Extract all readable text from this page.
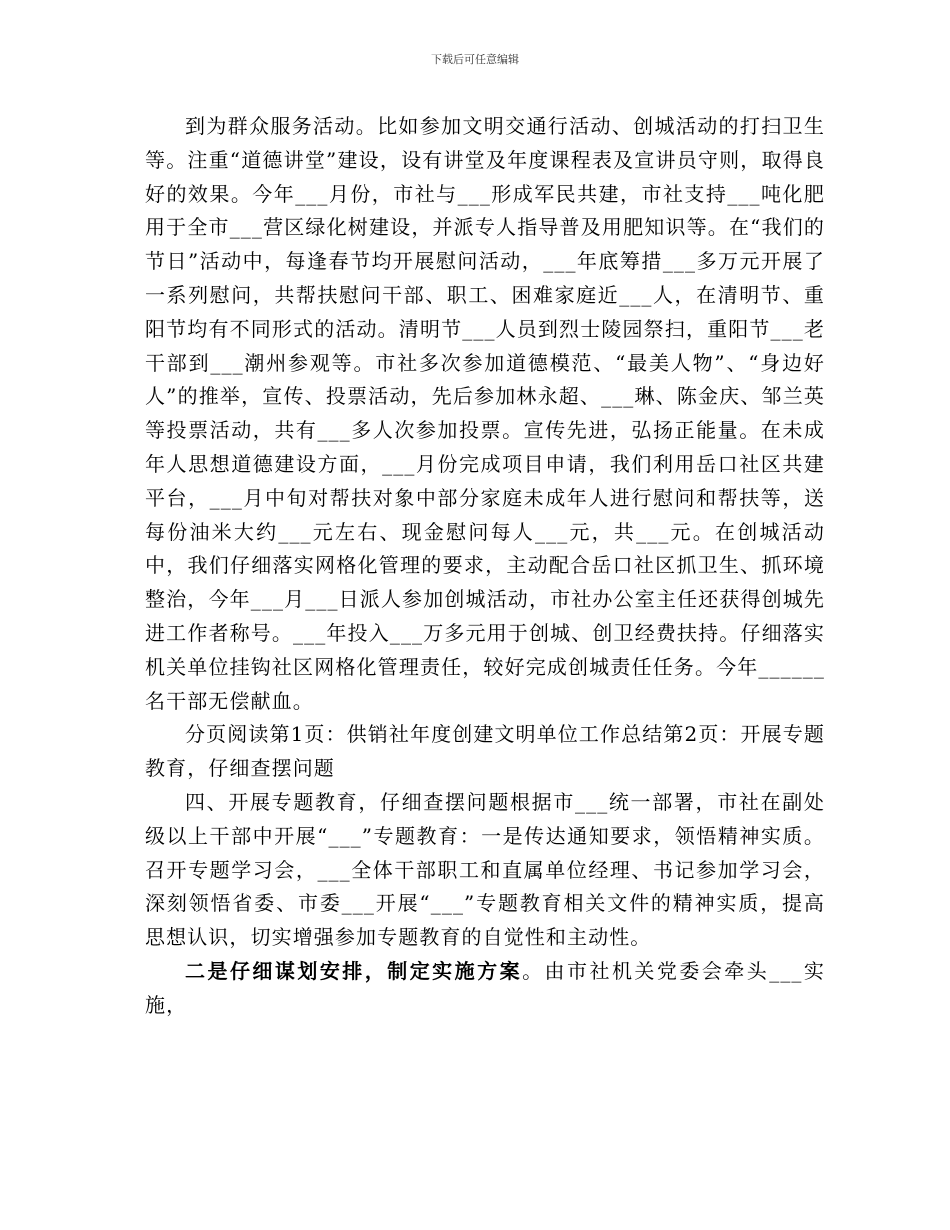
下载后可任意编辑

到为群众服务活动。比如参加文明交通行活动、创城活动的打扫卫生等。注重“道德讲堂”建设，设有讲堂及年度课程表及宣讲员守则，取得良好的效果。今年___月份，市社与___形成军民共建，市社支持___吨化肥用于全市___营区绿化树建设，并派专人指导普及用肥知识等。在“我们的节日”活动中，每逢春节均开展慰问活动，___年底筹措___多万元开展了一系列慰问，共帮扶慰问干部、职工、困难家庭近___人，在清明节、重阳节均有不同形式的活动。清明节___人员到烈士陵园祭扫，重阳节___老干部到___潮州参观等。市社多次参加道德模范、“最美人物”、“身边好人”的推举，宣传、投票活动，先后参加林永超、___琳、陈金庆、邹兰英等投票活动，共有___多人次参加投票。宣传先进，弘扬正能量。在未成年人思想道德建设方面，___月份完成项目申请，我们利用岳口社区共建平台，___月中旬对帮扶对象中部分家庭未成年人进行慰问和帮扶等，送每份油米大约___元左右、现金慰问每人___元，共___元。在创城活动中，我们仔细落实网格化管理的要求，主动配合岳口社区抓卫生、抓环境整治，今年___月___日派人参加创城活动，市社办公室主任还获得创城先进工作者称号。___年投入___万多元用于创城、创卫经费扶持。仔细落实机关单位挂钩社区网格化管理责任，较好完成创城责任任务。今年______名干部无偿献血。

分页阅读第1页：供销社年度创建文明单位工作总结第2页：开展专题教育，仔细查摆问题

四、开展专题教育，仔细查摆问题根据市___统一部署，市社在副处级以上干部中开展“___”专题教育：一是传达通知要求，领悟精神实质。召开专题学习会，___全体干部职工和直属单位经理、书记参加学习会，深刻领悟省委、市委___开展“___”专题教育相关文件的精神实质，提高思想认识，切实增强参加专题教育的自觉性和主动性。

二是仔细谋划安排，制定实施方案。由市社机关党委会牵头___实施，
